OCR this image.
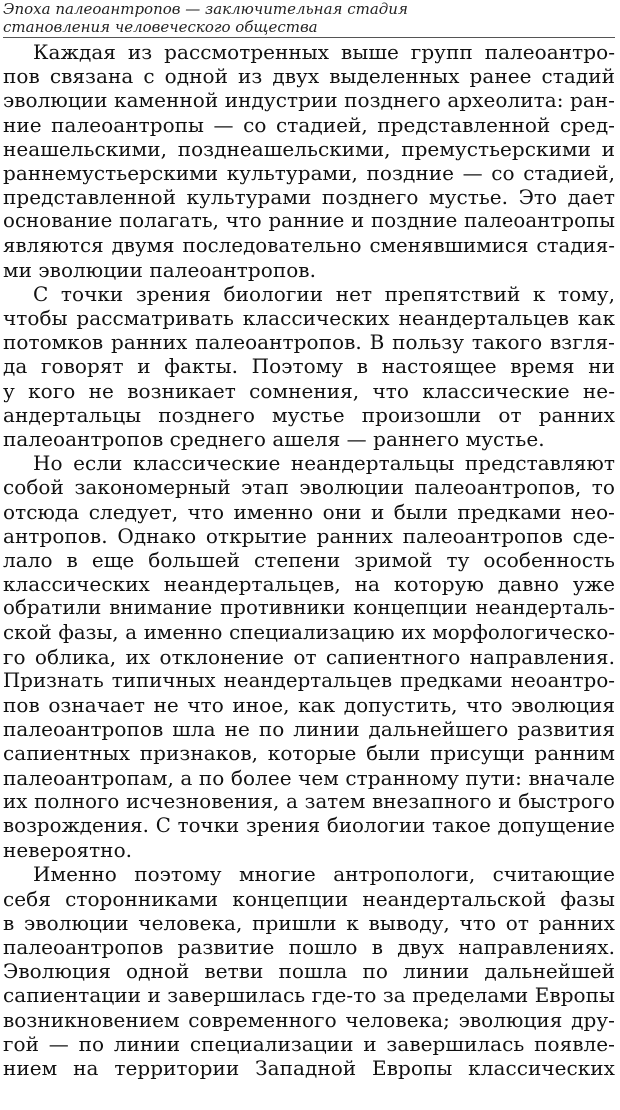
Эпоха палеоантропов — заключительная стадия
становления человеческого общества
Каждая из рассмотренных выше групп палеоантро-
пов связана с одной из двух выделенных ранее стадий
эволюции каменной индустрии позднего археолита: ран-
ние палеоантропы — со стадией, представленной сред-
неашельскими, позднеашельскими, премустьерскими и
раннемустьерскими культурами, поздние — со стадией,
представленной культурами позднего мустье. Это дает
основание полагать, что ранние и поздние палеоантропы
являются двумя последовательно сменявшимися стадия-
ми эволюции палеоантропов.
С точки зрения биологии нет препятствий к тому,
чтобы рассматривать классических неандертальцев как
потомков ранних палеоантропов. В пользу такого взгля-
да говорят и факты. Поэтому в настоящее время ни
у кого не возникает сомнения, что классические не-
андертальцы позднего мустье произошли от ранних
палеоантропов среднего ашеля — раннего мустье.
Но если классические неандертальцы представляют
собой закономерный этап эволюции палеоантропов, то
отсюда следует, что именно они и были предками нео-
антропов. Однако открытие ранних палеоантропов сде-
лало в еще большей степени зримой ту особенность
классических неандертальцев, на которую давно уже
обратили внимание противники концепции неандерталь-
ской фазы, а именно специализацию их морфологическо-
го облика, их отклонение от сапиентного направления.
Признать типичных неандертальцев предками неоантро-
пов означает не что иное, как допустить, что эволюция
палеоантропов шла не по линии дальнейшего развития
сапиентных признаков, которые были присущи ранним
палеоантропам, а по более чем странному пути: вначале
их полного исчезновения, а затем внезапного и быстрого
возрождения. С точки зрения биологии такое допущение
невероятно.
Именно поэтому многие антропологи, считающие
себя сторонниками концепции неандертальской фазы
в эволюции человека, пришли к выводу, что от ранних
палеоантропов развитие пошло в двух направлениях.
Эволюция одной ветви пошла по линии дальнейшей
сапиентации и завершилась где-то за пределами Европы
возникновением современного человека; эволюция дру-
гой — по линии специализации и завершилась появле-
нием на территории Западной Европы классических
